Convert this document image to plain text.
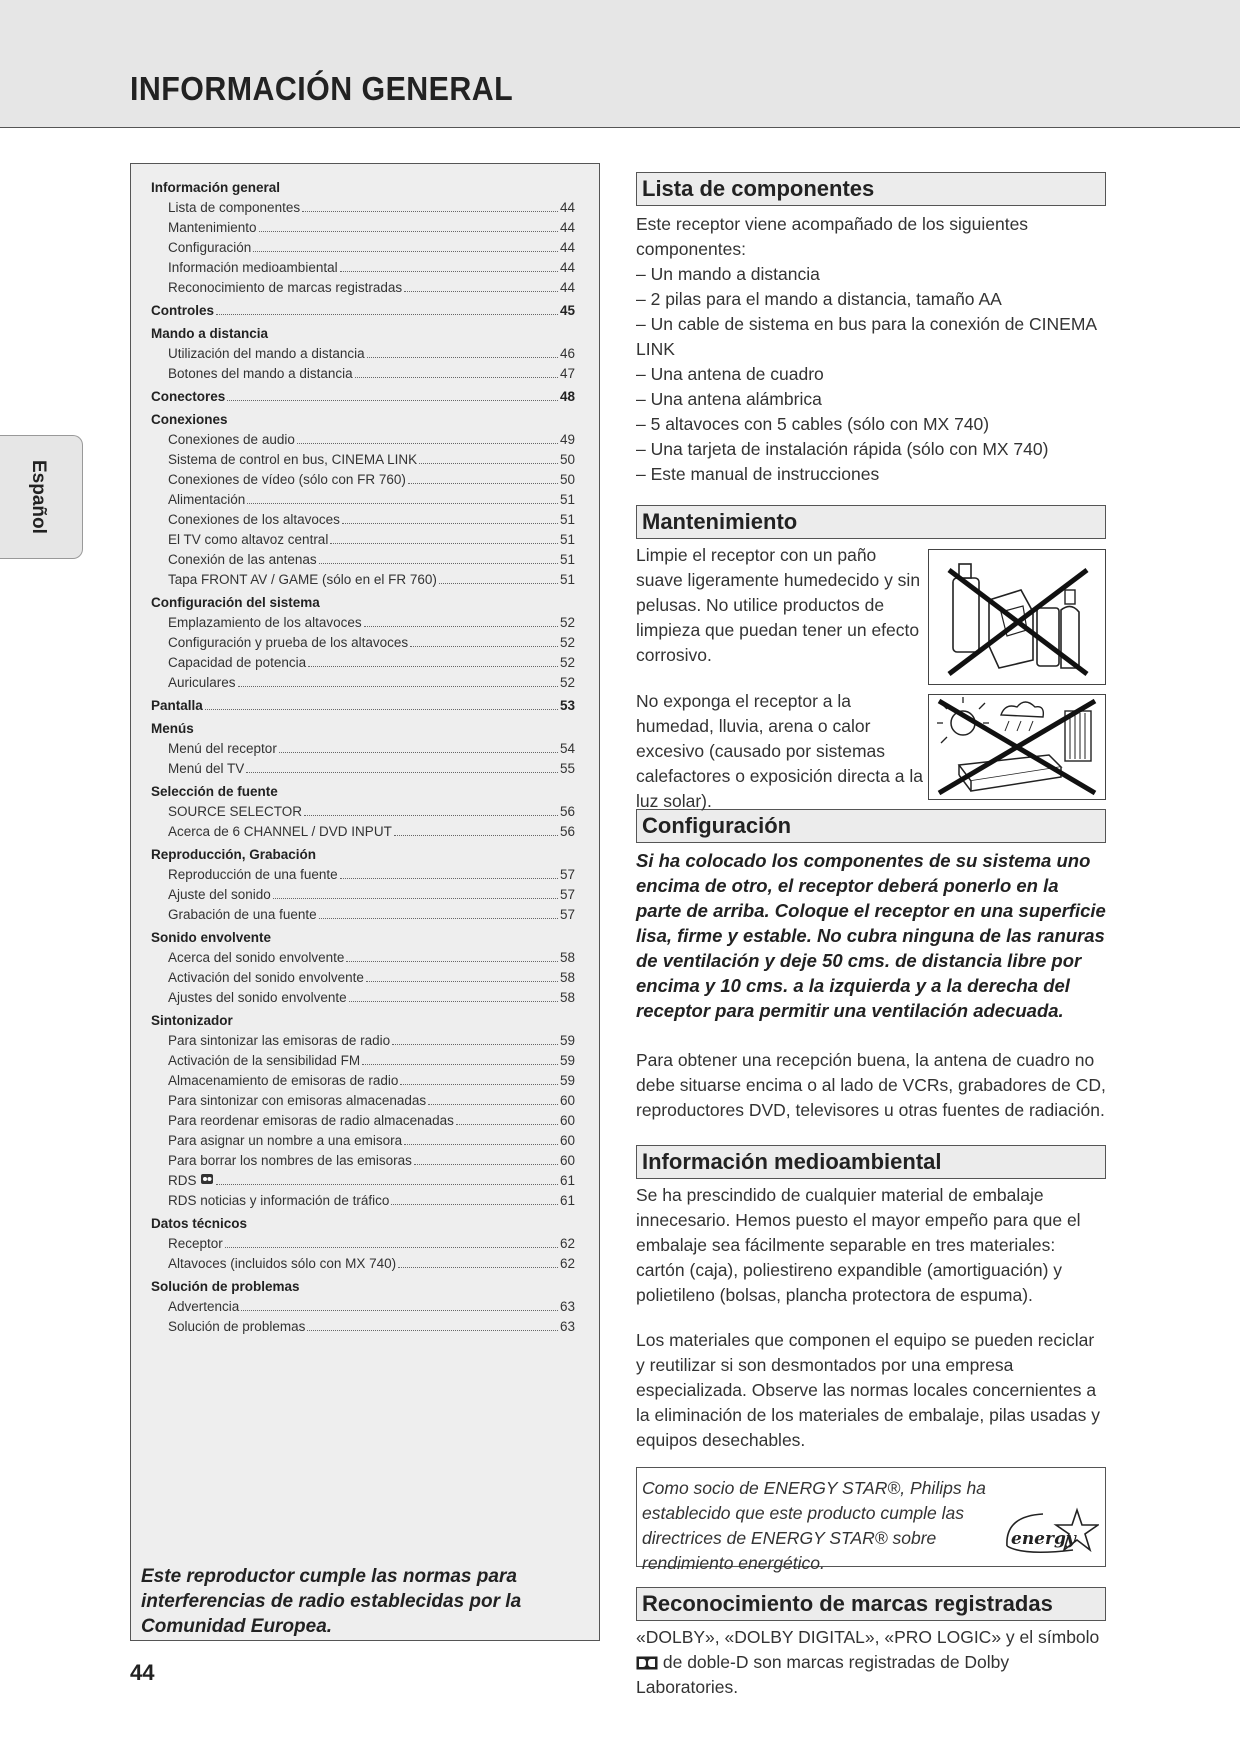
INFORMACIÓN GENERAL
Español
Información general
Lista de componentes	44
Mantenimiento	44
Configuración	44
Información medioambiental	44
Reconocimiento de marcas registradas	44
Controles	45
Mando a distancia
Utilización del mando a distancia	46
Botones del mando a distancia	47
Conectores	48
Conexiones
Conexiones de audio	49
Sistema de control en bus, CINEMA LINK	50
Conexiones de vídeo (sólo con FR 760)	50
Alimentación	51
Conexiones de los altavoces	51
El TV como altavoz central	51
Conexión de las antenas	51
Tapa FRONT AV / GAME (sólo en el FR 760)	51
Configuración del sistema
Emplazamiento de los altavoces	52
Configuración y prueba de los altavoces	52
Capacidad de potencia	52
Auriculares	52
Pantalla	53
Menús
Menú del receptor	54
Menú del TV	55
Selección de fuente
SOURCE SELECTOR	56
Acerca de 6 CHANNEL / DVD INPUT	56
Reproducción, Grabación
Reproducción de una fuente	57
Ajuste del sonido	57
Grabación de una fuente	57
Sonido envolvente
Acerca del sonido envolvente	58
Activación del sonido envolvente	58
Ajustes del sonido envolvente	58
Sintonizador
Para sintonizar las emisoras de radio	59
Activación de la sensibilidad FM	59
Almacenamiento de emisoras de radio	59
Para sintonizar con emisoras almacenadas	60
Para reordenar emisoras de radio almacenadas	60
Para asignar un nombre a una emisora	60
Para borrar los nombres de las emisoras	60
RDS	61
RDS noticias y información de tráfico	61
Datos técnicos
Receptor	62
Altavoces (incluidos sólo con MX 740)	62
Solución de problemas
Advertencia	63
Solución de problemas	63
Este reproductor cumple las normas para interferencias de radio establecidas por la Comunidad Europea.
44
Lista de componentes

Este receptor viene acompañado de los siguientes componentes:

– Un mando a distancia
– 2 pilas para el mando a distancia, tamaño AA
– Un cable de sistema en bus para la conexión de CINEMA LINK
– Una antena de cuadro
– Una antena alámbrica
– 5 altavoces con 5 cables (sólo con MX 740)
– Una tarjeta de instalación rápida (sólo con MX 740)
– Este manual de instrucciones
Mantenimiento

Limpie el receptor con un paño suave ligeramente humedecido y sin pelusas. No utilice productos de limpieza que puedan tener un efecto corrosivo.

No exponga el receptor a la humedad, lluvia, arena o calor excesivo (causado por sistemas calefactores o exposición directa a la luz solar).

Configuración

Si ha colocado los componentes de su sistema uno encima de otro, el receptor deberá ponerlo en la parte de arriba. Coloque el receptor en una superficie lisa, firme y estable. No cubra ninguna de las ranuras de ventilación y deje 50 cms. de distancia libre por encima y 10 cms. a la izquierda y a la derecha del receptor para permitir una ventilación adecuada.

Para obtener una recepción buena, la antena de cuadro no debe situarse encima o al lado de VCRs, grabadores de CD, reproductores DVD, televisores u otras fuentes de radiación.

Información medioambiental

Se ha prescindido de cualquier material de embalaje innecesario. Hemos puesto el mayor empeño para que el embalaje sea fácilmente separable en tres materiales: cartón (caja), poliestireno expandible (amortiguación) y polietileno (bolsas, plancha protectora de espuma).

Los materiales que componen el equipo se pueden reciclar y reutilizar si son desmontados por una empresa especializada. Observe las normas locales concernientes a la eliminación de los materiales de embalaje, pilas usadas y equipos desechables.

Como socio de ENERGY STAR®, Philips ha establecido que este producto cumple las directrices de ENERGY STAR® sobre rendimiento energético.
energy
Reconocimiento de marcas registradas

«DOLBY», «DOLBY DIGITAL», «PRO LOGIC» y el símbolo  de doble-D son marcas registradas de Dolby Laboratories.
